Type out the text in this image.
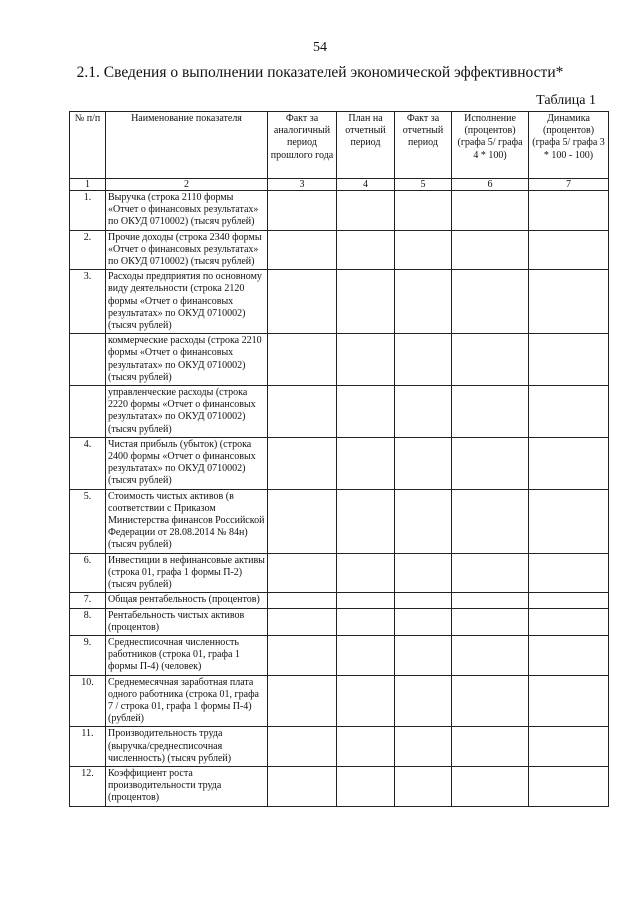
54
2.1. Сведения о выполнении показателей экономической эффективности*
Таблица 1
№ п/п	Наименование показателя	Факт за аналогичный период прошлого года	План на отчетный период	Факт за отчетный период	Исполнение (процентов) (графа 5/ графа 4 * 100)	Динамика (процентов) (графа 5/ графа 3 * 100 - 100)
1	2	3	4	5	6	7
1.	Выручка (строка 2110 формы «Отчет о финансовых результатах» по ОКУД 0710002) (тысяч рублей)					
2.	Прочие доходы (строка 2340 формы «Отчет о финансовых результатах» по ОКУД 0710002) (тысяч рублей)					
3.	Расходы предприятия по основному виду деятельности (строка 2120 формы «Отчет о финансовых результатах» по ОКУД 0710002) (тысяч рублей)					
	коммерческие расходы (строка 2210 формы «Отчет о финансовых результатах» по ОКУД 0710002) (тысяч рублей)					
	управленческие расходы (строка 2220 формы «Отчет о финансовых результатах» по ОКУД 0710002) (тысяч рублей)					
4.	Чистая прибыль (убыток) (строка 2400 формы «Отчет о финансовых результатах» по ОКУД 0710002) (тысяч рублей)					
5.	Стоимость чистых активов (в соответствии с Приказом Министерства финансов Российской Федерации от 28.08.2014 № 84н) (тысяч рублей)					
6.	Инвестиции в нефинансовые активы (строка 01, графа 1 формы П-2) (тысяч рублей)					
7.	Общая рентабельность (процентов)					
8.	Рентабельность чистых активов (процентов)					
9.	Среднесписочная численность работников (строка 01, графа 1 формы П-4) (человек)					
10.	Среднемесячная заработная плата одного работника (строка 01, графа 7 / строка 01, графа 1 формы П-4) (рублей)					
11.	Производительность труда (выручка/среднесписочная численность) (тысяч рублей)					
12.	Коэффициент роста производительности труда (процентов)					
